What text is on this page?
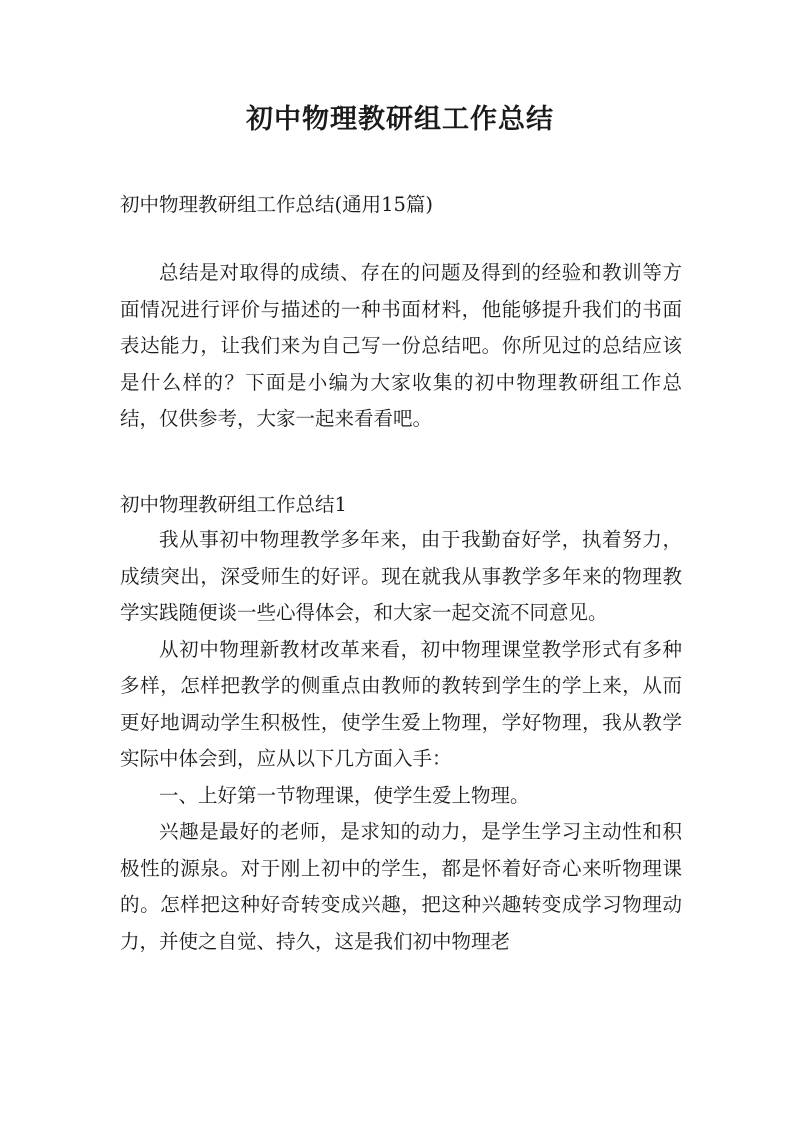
初中物理教研组工作总结
初中物理教研组工作总结(通用15篇)
总结是对取得的成绩、存在的问题及得到的经验和教训等方面情况进行评价与描述的一种书面材料，他能够提升我们的书面表达能力，让我们来为自己写一份总结吧。你所见过的总结应该是什么样的？下面是小编为大家收集的初中物理教研组工作总结，仅供参考，大家一起来看看吧。
初中物理教研组工作总结1

我从事初中物理教学多年来，由于我勤奋好学，执着努力，成绩突出，深受师生的好评。现在就我从事教学多年来的物理教学实践随便谈一些心得体会，和大家一起交流不同意见。

从初中物理新教材改革来看，初中物理课堂教学形式有多种多样，怎样把教学的侧重点由教师的教转到学生的学上来，从而更好地调动学生积极性，使学生爱上物理，学好物理，我从教学实际中体会到，应从以下几方面入手：

一、上好第一节物理课，使学生爱上物理。

兴趣是最好的老师，是求知的动力，是学生学习主动性和积极性的源泉。对于刚上初中的学生，都是怀着好奇心来听物理课的。怎样把这种好奇转变成兴趣，把这种兴趣转变成学习物理动力，并使之自觉、持久，这是我们初中物理老
